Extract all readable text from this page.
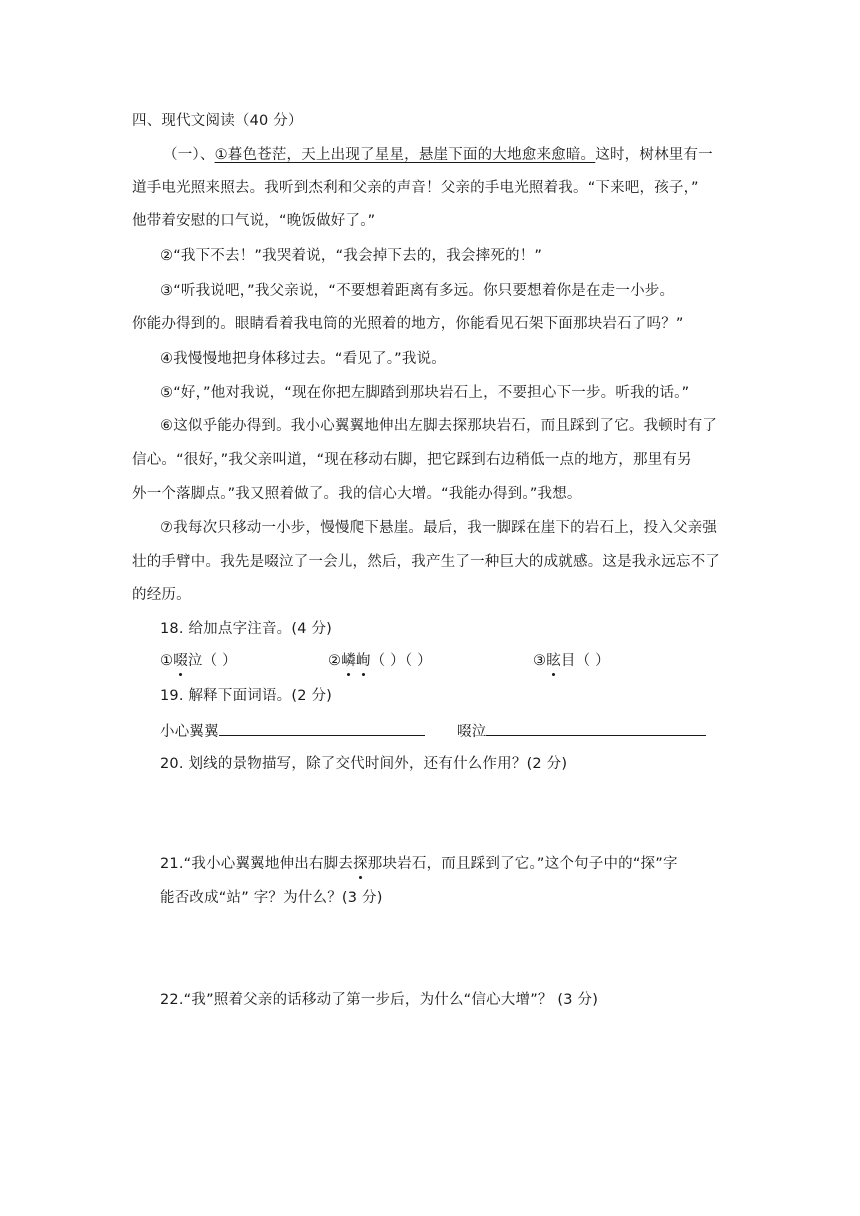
四、现代文阅读（40 分）
（一）、①暮色苍茫，天上出现了星星，悬崖下面的大地愈来愈暗。这时，树林里有一
道手电光照来照去。我听到杰利和父亲的声音！父亲的手电光照着我。“下来吧，孩子，”
他带着安慰的口气说，“晚饭做好了。”
②“我下不去！”我哭着说，“我会掉下去的，我会摔死的！”
③“听我说吧，”我父亲说，“不要想着距离有多远。你只要想着你是在走一小步。
你能办得到的。眼睛看着我电筒的光照着的地方，你能看见石架下面那块岩石了吗？”
④我慢慢地把身体移过去。“看见了。”我说。
⑤“好，”他对我说，“现在你把左脚踏到那块岩石上，不要担心下一步。听我的话。”
⑥这似乎能办得到。我小心翼翼地伸出左脚去探那块岩石，而且踩到了它。我顿时有了
信心。“很好，”我父亲叫道，“现在移动右脚，把它踩到右边稍低一点的地方，那里有另
外一个落脚点。”我又照着做了。我的信心大增。“我能办得到。”我想。
⑦我每次只移动一小步，慢慢爬下悬崖。最后，我一脚踩在崖下的岩石上，投入父亲强
壮的手臂中。我先是啜泣了一会儿，然后，我产生了一种巨大的成就感。这是我永远忘不了
的经历。
18. 给加点字注音。(4 分)
①啜泣（ ）	②嶙峋（ ）（ ）	③眩目（ ）
19. 解释下面词语。(2 分)
小心翼翼	啜泣
20. 划线的景物描写，除了交代时间外，还有什么作用？(2 分)
21.“我小心翼翼地伸出右脚去探那块岩石，而且踩到了它。”这个句子中的“探”字
能否改成“站” 字？为什么？(3 分)
22.“我”照着父亲的话移动了第一步后，为什么“信心大增”？ (3 分)
